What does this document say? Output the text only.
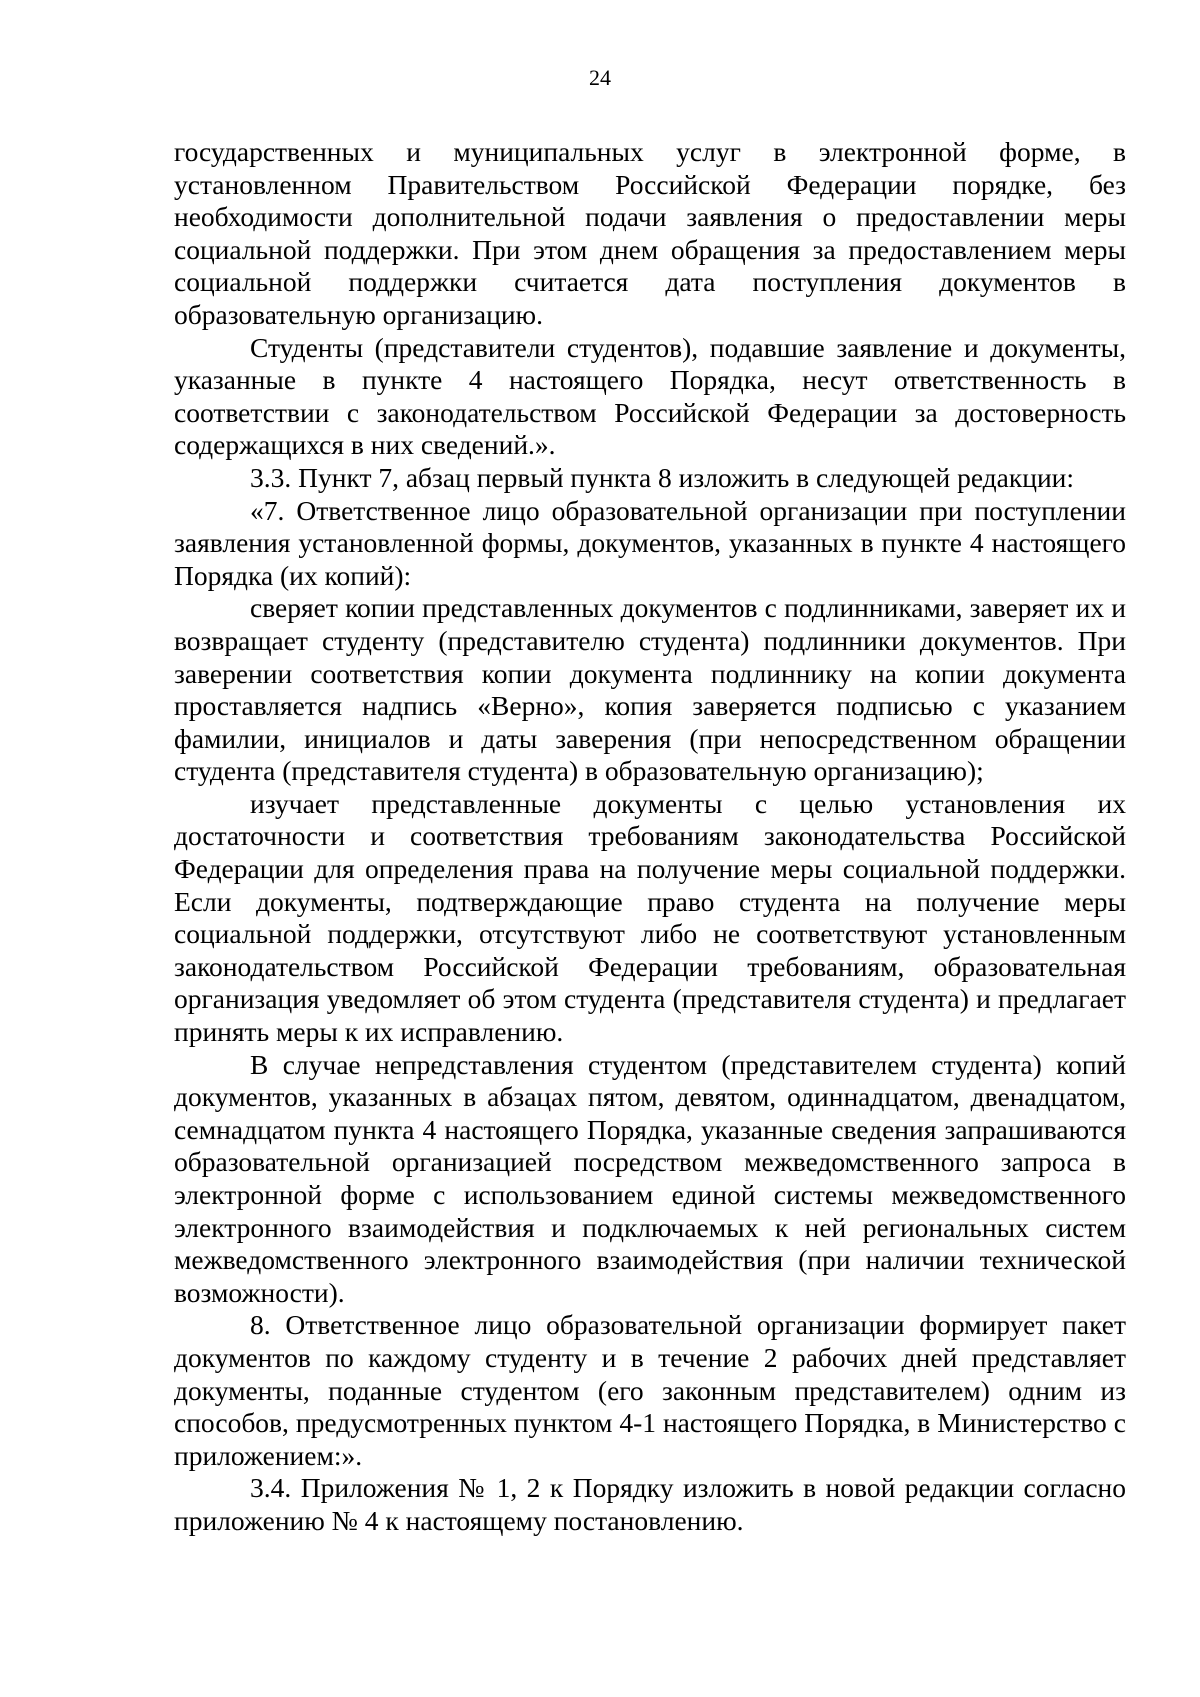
24

государственных и муниципальных услуг в электронной форме, в установленном Правительством Российской Федерации порядке, без необходимости дополнительной подачи заявления о предоставлении меры социальной поддержки. При этом днем обращения за предоставлением меры социальной поддержки считается дата поступления документов в образовательную организацию.

Студенты (представители студентов), подавшие заявление и документы, указанные в пункте 4 настоящего Порядка, несут ответственность в соответствии с законодательством Российской Федерации за достоверность содержащихся в них сведений.».

3.3. Пункт 7, абзац первый пункта 8 изложить в следующей редакции:

«7. Ответственное лицо образовательной организации при поступлении заявления установленной формы, документов, указанных в пункте 4 настоящего Порядка (их копий):

сверяет копии представленных документов с подлинниками, заверяет их и возвращает студенту (представителю студента) подлинники документов. При заверении соответствия копии документа подлиннику на копии документа проставляется надпись «Верно», копия заверяется подписью с указанием фамилии, инициалов и даты заверения (при непосредственном обращении студента (представителя студента) в образовательную организацию);

изучает представленные документы с целью установления их достаточности и соответствия требованиям законодательства Российской Федерации для определения права на получение меры социальной поддержки. Если документы, подтверждающие право студента на получение меры социальной поддержки, отсутствуют либо не соответствуют установленным законодательством Российской Федерации требованиям, образовательная организация уведомляет об этом студента (представителя студента) и предлагает принять меры к их исправлению.

В случае непредставления студентом (представителем студента) копий документов, указанных в абзацах пятом, девятом, одиннадцатом, двенадцатом, семнадцатом пункта 4 настоящего Порядка, указанные сведения запрашиваются образовательной организацией посредством межведомственного запроса в электронной форме с использованием единой системы межведомственного электронного взаимодействия и подключаемых к ней региональных систем межведомственного электронного взаимодействия (при наличии технической возможности).

8. Ответственное лицо образовательной организации формирует пакет документов по каждому студенту и в течение 2 рабочих дней представляет документы, поданные студентом (его законным представителем) одним из способов, предусмотренных пунктом 4-1 настоящего Порядка, в Министерство с приложением:».

3.4. Приложения № 1, 2 к Порядку изложить в новой редакции согласно приложению № 4 к настоящему постановлению.
